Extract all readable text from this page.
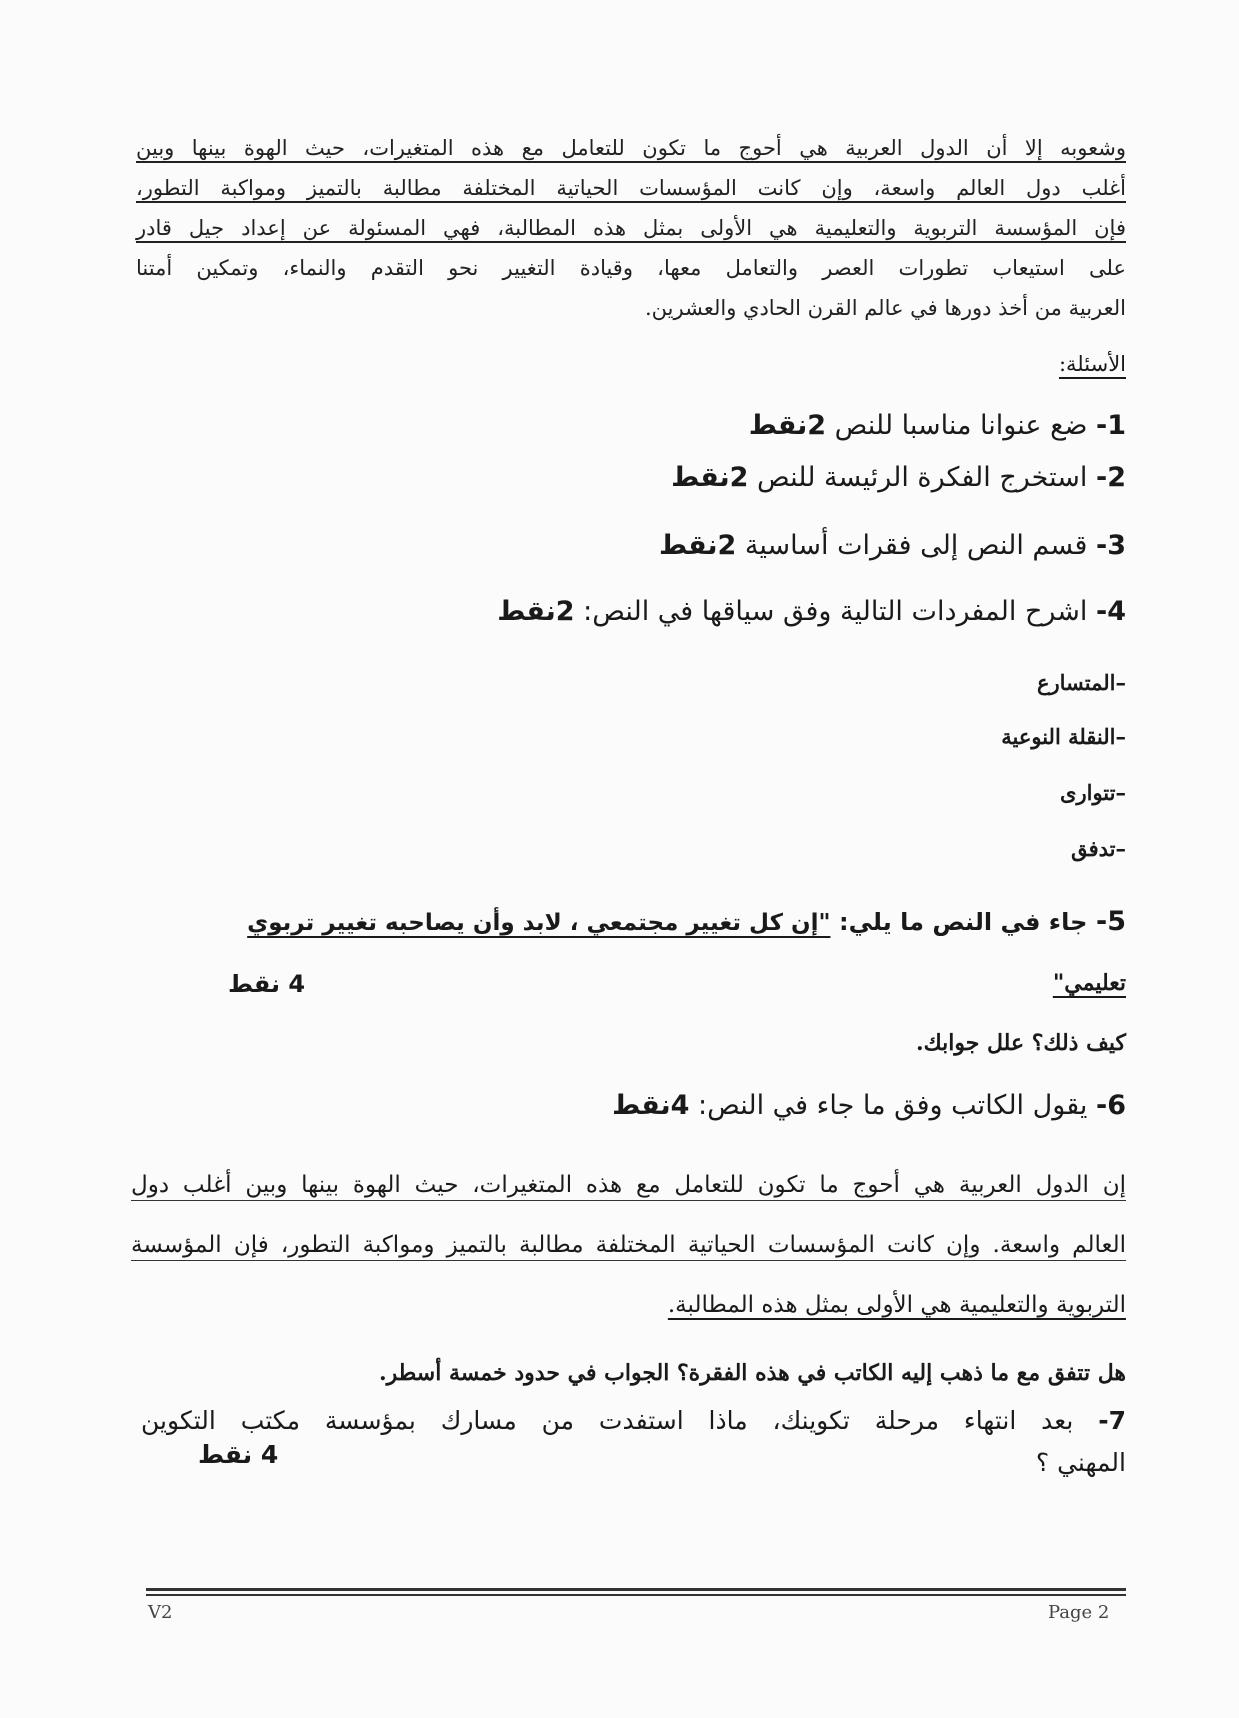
وشعوبه إلا أن الدول العربية هي أحوج ما تكون للتعامل مع هذه المتغيرات، حيث الهوة بينها وبين
أغلب دول العالم واسعة، وإن كانت المؤسسات الحياتية المختلفة مطالبة بالتميز ومواكبة التطور،
فإن المؤسسة التربوية والتعليمية هي الأولى بمثل هذه المطالبة، فهي المسئولة عن إعداد جيل قادر
على استيعاب تطورات العصر والتعامل معها، وقيادة التغيير نحو التقدم والنماء، وتمكين أمتنا
العربية من أخذ دورها في عالم القرن الحادي والعشرين.
الأسئلة:
1- ضع عنوانا مناسبا للنص 2نقط
2- استخرج الفكرة الرئيسة للنص 2نقط
3- قسم النص إلى فقرات أساسية 2نقط
4- اشرح المفردات التالية وفق سياقها في النص: 2نقط
–المتسارع
–النقلة النوعية
–تتوارى
–تدفق
5- جاء في النص ما يلي: "إن كل تغيير مجتمعي ، لابد وأن يصاحبه تغيير تربوي
تعليمي"
4 نقط
كيف ذلك؟ علل جوابك.
6- يقول الكاتب وفق ما جاء في النص: 4نقط
إن الدول العربية هي أحوج ما تكون للتعامل مع هذه المتغيرات، حيث الهوة بينها وبين أغلب دول
العالم واسعة. وإن كانت المؤسسات الحياتية المختلفة مطالبة بالتميز ومواكبة التطور، فإن المؤسسة
التربوية والتعليمية هي الأولى بمثل هذه المطالبة.
هل تتفق مع ما ذهب إليه الكاتب في هذه الفقرة؟ الجواب في حدود خمسة أسطر.
7- بعد انتهاء مرحلة تكوينك، ماذا استفدت من مسارك بمؤسسة مكتب التكوين
المهني ؟
4 نقط
V2	Page 2
